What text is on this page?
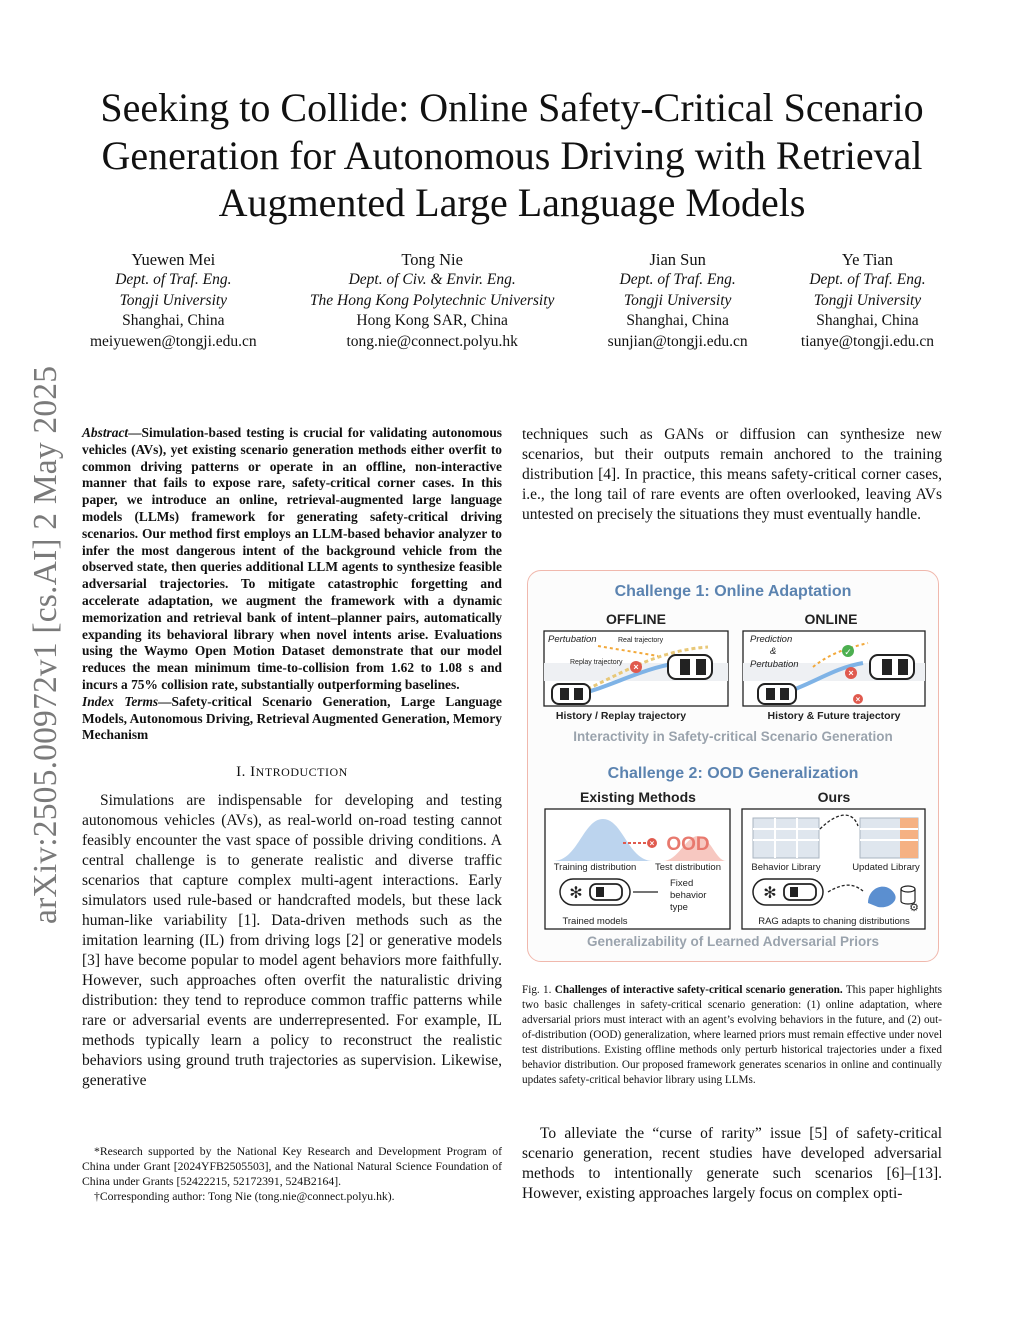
arXiv:2505.00972v1 [cs.AI] 2 May 2025
Seeking to Collide: Online Safety-Critical Scenario Generation for Autonomous Driving with Retrieval Augmented Large Language Models
Yuewen Mei
Dept. of Traf. Eng.
Tongji University
Shanghai, China
meiyuewen@tongji.edu.cn
Tong Nie
Dept. of Civ. & Envir. Eng.
The Hong Kong Polytechnic University
Hong Kong SAR, China
tong.nie@connect.polyu.hk
Jian Sun
Dept. of Traf. Eng.
Tongji University
Shanghai, China
sunjian@tongji.edu.cn
Ye Tian
Dept. of Traf. Eng.
Tongji University
Shanghai, China
tianye@tongji.edu.cn

Abstract—Simulation-based testing is crucial for validating autonomous vehicles (AVs), yet existing scenario generation methods either overfit to common driving patterns or operate in an offline, non-interactive manner that fails to expose rare, safety-critical corner cases. In this paper, we introduce an online, retrieval-augmented large language models (LLMs) framework for generating safety-critical driving scenarios. Our method first employs an LLM-based behavior analyzer to infer the most dangerous intent of the background vehicle from the observed state, then queries additional LLM agents to synthesize feasible adversarial trajectories. To mitigate catastrophic forgetting and accelerate adaptation, we augment the framework with a dynamic memorization and retrieval bank of intent–planner pairs, automatically expanding its behavioral library when novel intents arise. Evaluations using the Waymo Open Motion Dataset demonstrate that our model reduces the mean minimum time-to-collision from 1.62 to 1.08 s and incurs a 75% collision rate, substantially outperforming baselines.

Index Terms—Safety-critical Scenario Generation, Large Language Models, Autonomous Driving, Retrieval Augmented Generation, Memory Mechanism

I. INTRODUCTION

Simulations are indispensable for developing and testing autonomous vehicles (AVs), as real-world on-road testing cannot feasibly encounter the vast space of possible driving conditions. A central challenge is to generate realistic and diverse traffic scenarios that capture complex multi-agent interactions. Early simulators used rule-based or handcrafted models, but these lack human-like variability [1]. Data-driven methods such as the imitation learning (IL) from driving logs [2] or generative models [3] have become popular to model agent behaviors more faithfully. However, such approaches often overfit the naturalistic driving distribution: they tend to reproduce common traffic patterns while rare or adversarial events are underrepresented. For example, IL methods typically learn a policy to reconstruct the realistic behaviors using ground truth trajectories as supervision. Likewise, generative

*Research supported by the National Key Research and Development Program of China under Grant [2024YFB2505503], and the National Natural Science Foundation of China under Grants [52422215, 52172391, 524B2164].

†Corresponding author: Tong Nie (tong.nie@connect.polyu.hk).

techniques such as GANs or diffusion can synthesize new scenarios, but their outputs remain anchored to the training distribution [4]. In practice, this means safety-critical corner cases, i.e., the long tail of rare events are often overlooked, leaving AVs untested on precisely the situations they must eventually handle.

Challenge 1: Online Adaptation
OFFLINE	ONLINE
×
Pertubation	Real trajectory
Replay trajectory
✓
×
×
Prediction
&
Pertubation
History / Replay trajectory	History & Future trajectory
Interactivity in Safety-critical Scenario Generation
Challenge 2: OOD Generalization
Existing Methods	Ours
× OOD
Training distribution Test distribution
✻
Fixed
behavior
type
Trained models
Behavior Library	Updated Library
✻
⚙
RAG adapts to chaning distributions
Generalizability of Learned Adversarial Priors
Fig. 1. Challenges of interactive safety-critical scenario generation. This paper highlights two basic challenges in safety-critical scenario generation: (1) online adaptation, where adversarial priors must interact with an agent’s evolving behaviors in the future, and (2) out-of-distribution (OOD) generalization, where learned priors must remain effective under novel test distributions. Existing offline methods only perturb historical trajectories under a fixed behavior distribution. Our proposed framework generates scenarios in online and continually updates safety-critical behavior library using LLMs.

To alleviate the “curse of rarity” issue [5] of safety-critical scenario generation, recent studies have developed adversarial methods to intentionally generate such scenarios [6]–[13]. However, existing approaches largely focus on complex opti-
